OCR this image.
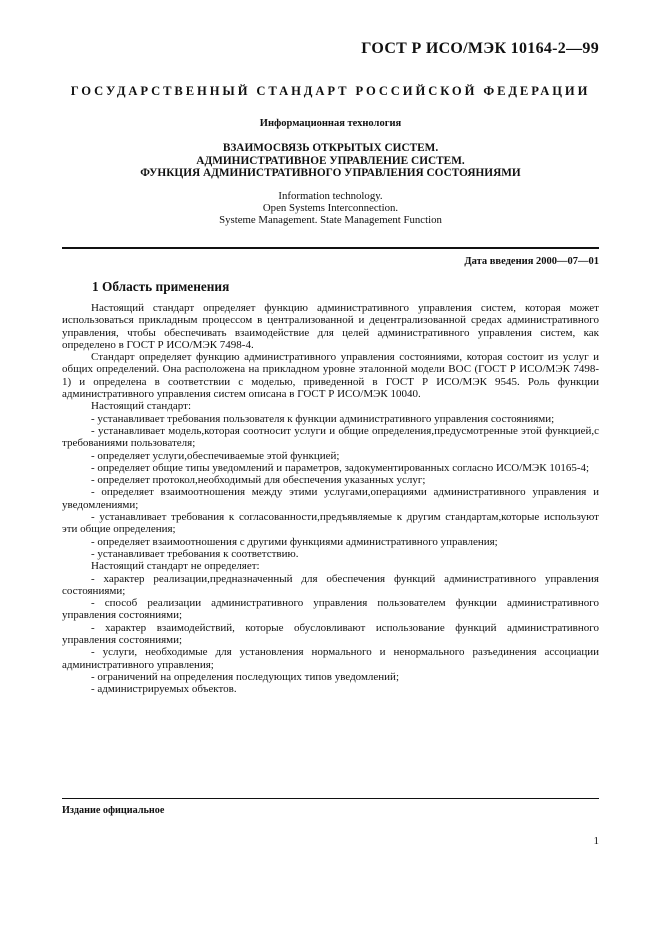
ГОСТ Р ИСО/МЭК 10164-2—99
ГОСУДАРСТВЕННЫЙ СТАНДАРТ РОССИЙСКОЙ ФЕДЕРАЦИИ
Информационная технология
ВЗАИМОСВЯЗЬ ОТКРЫТЫХ СИСТЕМ.
АДМИНИСТРАТИВНОЕ УПРАВЛЕНИЕ СИСТЕМ.
ФУНКЦИЯ АДМИНИСТРАТИВНОГО УПРАВЛЕНИЯ СОСТОЯНИЯМИ
Information technology.
Open Systems Interconnection.
Systeme Management. State Management Function
Дата введения 2000—07—01
1 Область применения

Настоящий стандарт определяет функцию административного управления систем, которая может использоваться прикладным процессом в централизованной и децентрализованной средах административного управления, чтобы обеспечивать взаимодействие для целей административного управления систем, как определено в ГОСТ Р ИСО/МЭК 7498-4.

Стандарт определяет функцию административного управления состояниями, которая состоит из услуг и общих определений. Она расположена на прикладном уровне эталонной модели ВОС (ГОСТ Р ИСО/МЭК 7498-1) и определена в соответствии с моделью, приведенной в ГОСТ Р ИСО/МЭК 9545. Роль функции административного управления систем описана в ГОСТ Р ИСО/МЭК 10040.

Настоящий стандарт:

- устанавливает требования пользователя к функции административного управления состояниями;

- устанавливает модель,которая соотносит услуги и общие определения,предусмотренные этой функцией,с требованиями пользователя;

- определяет услуги,обеспечиваемые этой функцией;

- определяет общие типы уведомлений и параметров, задокументированных согласно ИСО/МЭК 10165-4;

- определяет протокол,необходимый для обеспечения указанных услуг;

- определяет взаимоотношения между этими услугами,операциями административного управления и уведомлениями;

- устанавливает требования к согласованности,предъявляемые к другим стандартам,которые используют эти общие определения;

- определяет взаимоотношения с другими функциями административного управления;

- устанавливает требования к соответствию.

Настоящий стандарт не определяет:

- характер реализации,предназначенный для обеспечения функций административного управления состояниями;

- способ реализации административного управления пользователем функции административного управления состояниями;

- характер взаимодействий, которые обусловливают использование функций административного управления состояниями;

- услуги, необходимые для установления нормального и ненормального разъединения ассоциации административного управления;

- ограничений на определения последующих типов уведомлений;

- администрируемых объектов.

Издание официальное
1
